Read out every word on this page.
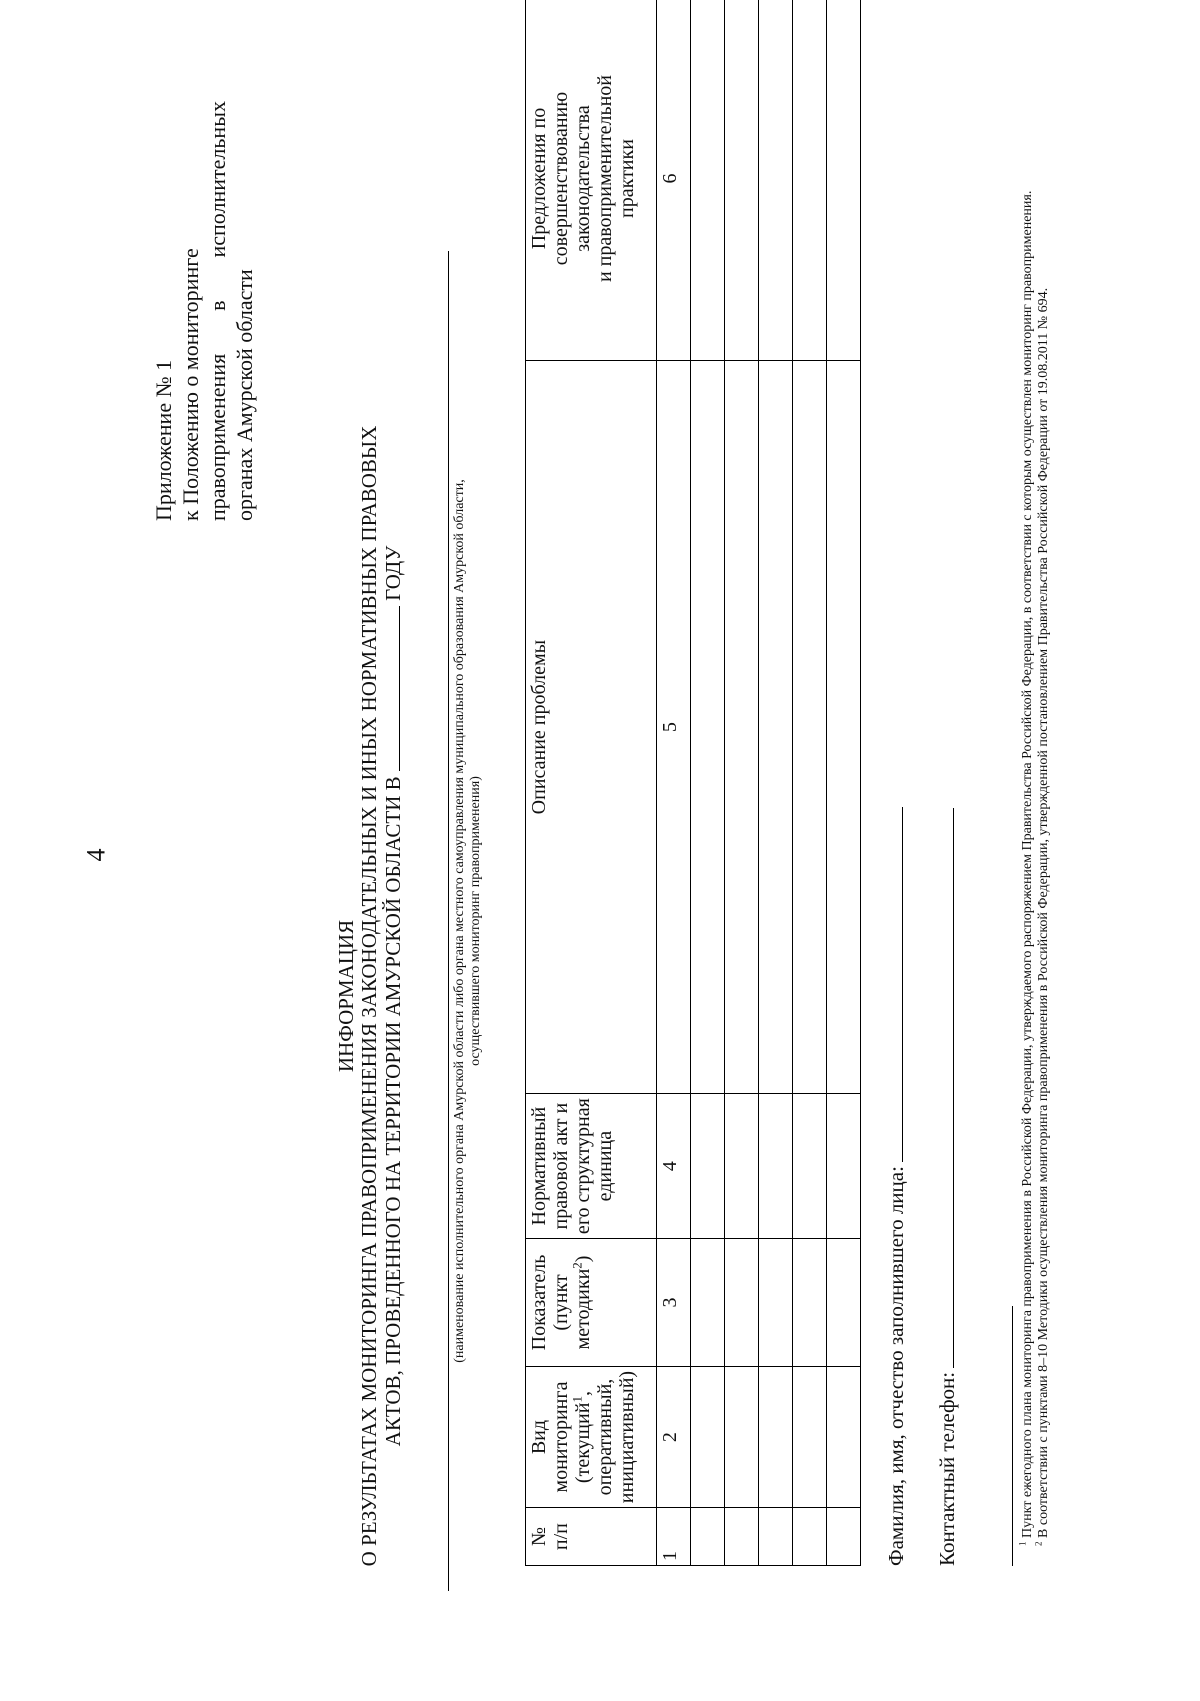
4
Приложение № 1 к Положению о мониторинге правоприменения
в
исполнительных
органах Амурской области
ИНФОРМАЦИЯ О РЕЗУЛЬТАТАХ МОНИТОРИНГА ПРАВОПРИМЕНЕНИЯ ЗАКОНОДАТЕЛЬНЫХ И ИНЫХ НОРМАТИВНЫХ ПРАВОВЫХ АКТОВ, ПРОВЕДЕННОГО НА ТЕРРИТОРИИ АМУРСКОЙ ОБЛАСТИ В  ГОДУ	(наименование исполнительного органа Амурской области либо органа местного самоуправления муниципального образования Амурской области, осуществившего мониторинг правоприменения)
№
п/п	Вид
мониторинга
(текущий$^1$,
оперативный,
инициативный)	Показатель
(пункт
методики$^2$)	Нормативный
правовой акт и
его структурная
единица	Описание проблемы	Предложения по
совершенствованию
законодательства
и правоприменительной
практики
1	2	3	4	5	6

Фамилия, имя, отчество заполнившего лица: Контактный телефон:	$^1$ Пункт ежегодного плана мониторинга правоприменения в Российской Федерации, утверждаемого распоряжением Правительства Российской Федерации, в соответствии с которым осуществлен мониторинг правоприменения.

$^2$ В соответствии с пунктами 8–10 Методики осуществления мониторинга правоприменения в Российской Федерации, утвержденной постановлением Правительства Российской Федерации от 19.08.2011 № 694.
